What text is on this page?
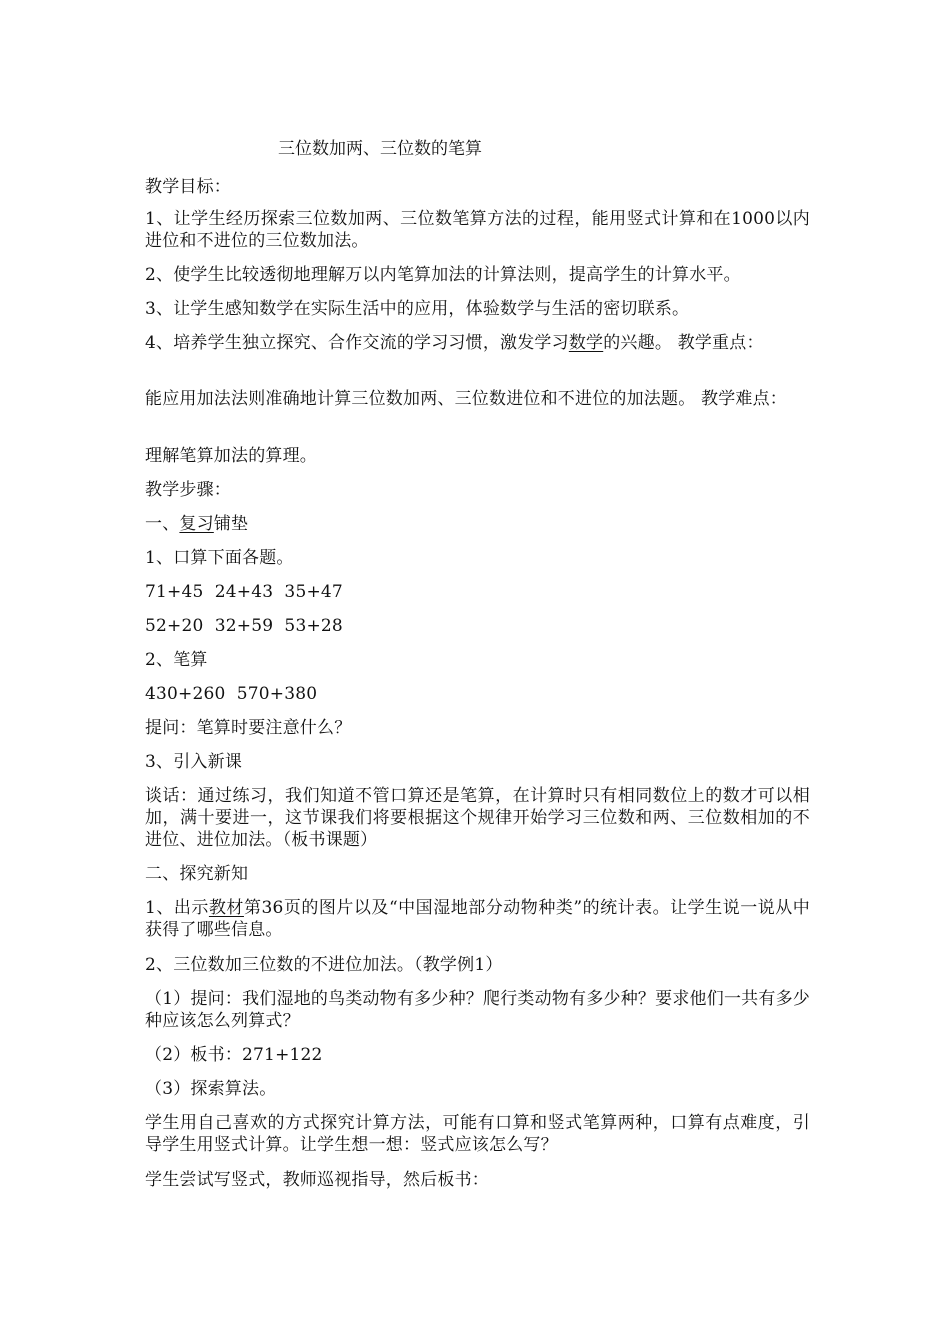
三位数加两、三位数的笔算

教学目标：

1、让学生经历探索三位数加两、三位数笔算方法的过程，能用竖式计算和在1000以内进位和不进位的三位数加法。

2、使学生比较透彻地理解万以内笔算加法的计算法则，提高学生的计算水平。

3、让学生感知数学在实际生活中的应用，体验数学与生活的密切联系。

4、培养学生独立探究、合作交流的学习习惯，激发学习数学的兴趣。 教学重点：

能应用加法法则准确地计算三位数加两、三位数进位和不进位的加法题。 教学难点：

理解笔算加法的算理。

教学步骤：

一、复习铺垫

1、口算下面各题。

71+45  24+43  35+47

52+20  32+59  53+28

2、笔算

430+260  570+380

提问：笔算时要注意什么？

3、引入新课

谈话：通过练习，我们知道不管口算还是笔算，在计算时只有相同数位上的数才可以相加，满十要进一，这节课我们将要根据这个规律开始学习三位数和两、三位数相加的不进位、进位加法。（板书课题）

二、探究新知

1、出示教材第36页的图片以及“中国湿地部分动物种类”的统计表。让学生说一说从中获得了哪些信息。

2、三位数加三位数的不进位加法。（教学例1）

（1）提问：我们湿地的鸟类动物有多少种？爬行类动物有多少种？要求他们一共有多少种应该怎么列算式？

（2）板书：271+122

（3）探索算法。

学生用自己喜欢的方式探究计算方法，可能有口算和竖式笔算两种，口算有点难度，引导学生用竖式计算。让学生想一想：竖式应该怎么写？

学生尝试写竖式，教师巡视指导，然后板书：
